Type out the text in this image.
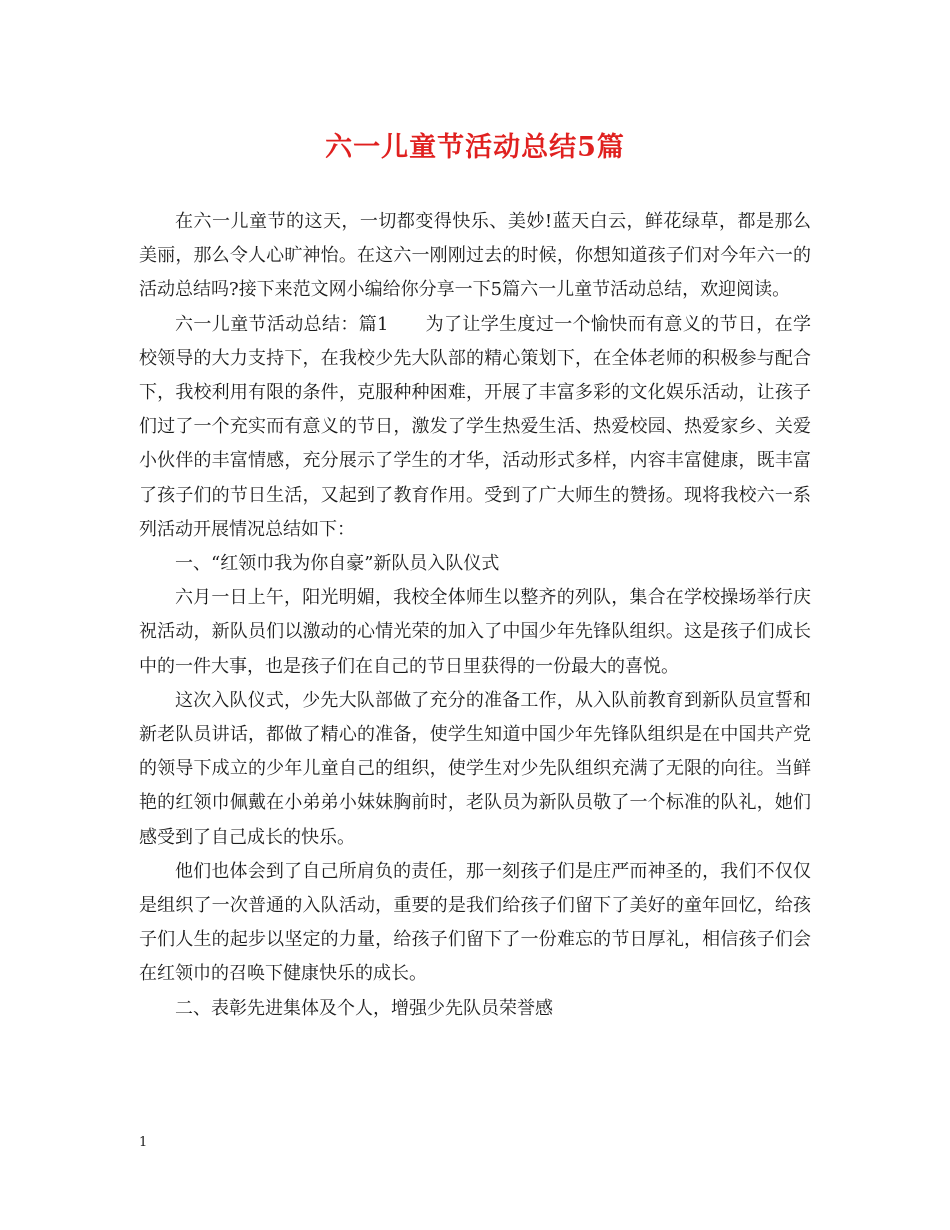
六一儿童节活动总结5篇

在六一儿童节的这天，一切都变得快乐、美妙!蓝天白云，鲜花绿草，都是那么美丽，那么令人心旷神怡。在这六一刚刚过去的时候，你想知道孩子们对今年六一的活动总结吗?接下来范文网小编给你分享一下5篇六一儿童节活动总结，欢迎阅读。

六一儿童节活动总结：篇1　　为了让学生度过一个愉快而有意义的节日，在学校领导的大力支持下，在我校少先大队部的精心策划下，在全体老师的积极参与配合下，我校利用有限的条件，克服种种困难，开展了丰富多彩的文化娱乐活动，让孩子们过了一个充实而有意义的节日，激发了学生热爱生活、热爱校园、热爱家乡、关爱小伙伴的丰富情感，充分展示了学生的才华，活动形式多样，内容丰富健康，既丰富了孩子们的节日生活，又起到了教育作用。受到了广大师生的赞扬。现将我校六一系列活动开展情况总结如下：

一、“红领巾我为你自豪”新队员入队仪式

六月一日上午，阳光明媚，我校全体师生以整齐的列队，集合在学校操场举行庆祝活动，新队员们以激动的心情光荣的加入了中国少年先锋队组织。这是孩子们成长中的一件大事，也是孩子们在自己的节日里获得的一份最大的喜悦。

这次入队仪式，少先大队部做了充分的准备工作，从入队前教育到新队员宣誓和新老队员讲话，都做了精心的准备，使学生知道中国少年先锋队组织是在中国共产党的领导下成立的少年儿童自己的组织，使学生对少先队组织充满了无限的向往。当鲜艳的红领巾佩戴在小弟弟小妹妹胸前时，老队员为新队员敬了一个标准的队礼，她们感受到了自己成长的快乐。

他们也体会到了自己所肩负的责任，那一刻孩子们是庄严而神圣的，我们不仅仅是组织了一次普通的入队活动，重要的是我们给孩子们留下了美好的童年回忆，给孩子们人生的起步以坚定的力量，给孩子们留下了一份难忘的节日厚礼，相信孩子们会在红领巾的召唤下健康快乐的成长。

二、表彰先进集体及个人，增强少先队员荣誉感

1
